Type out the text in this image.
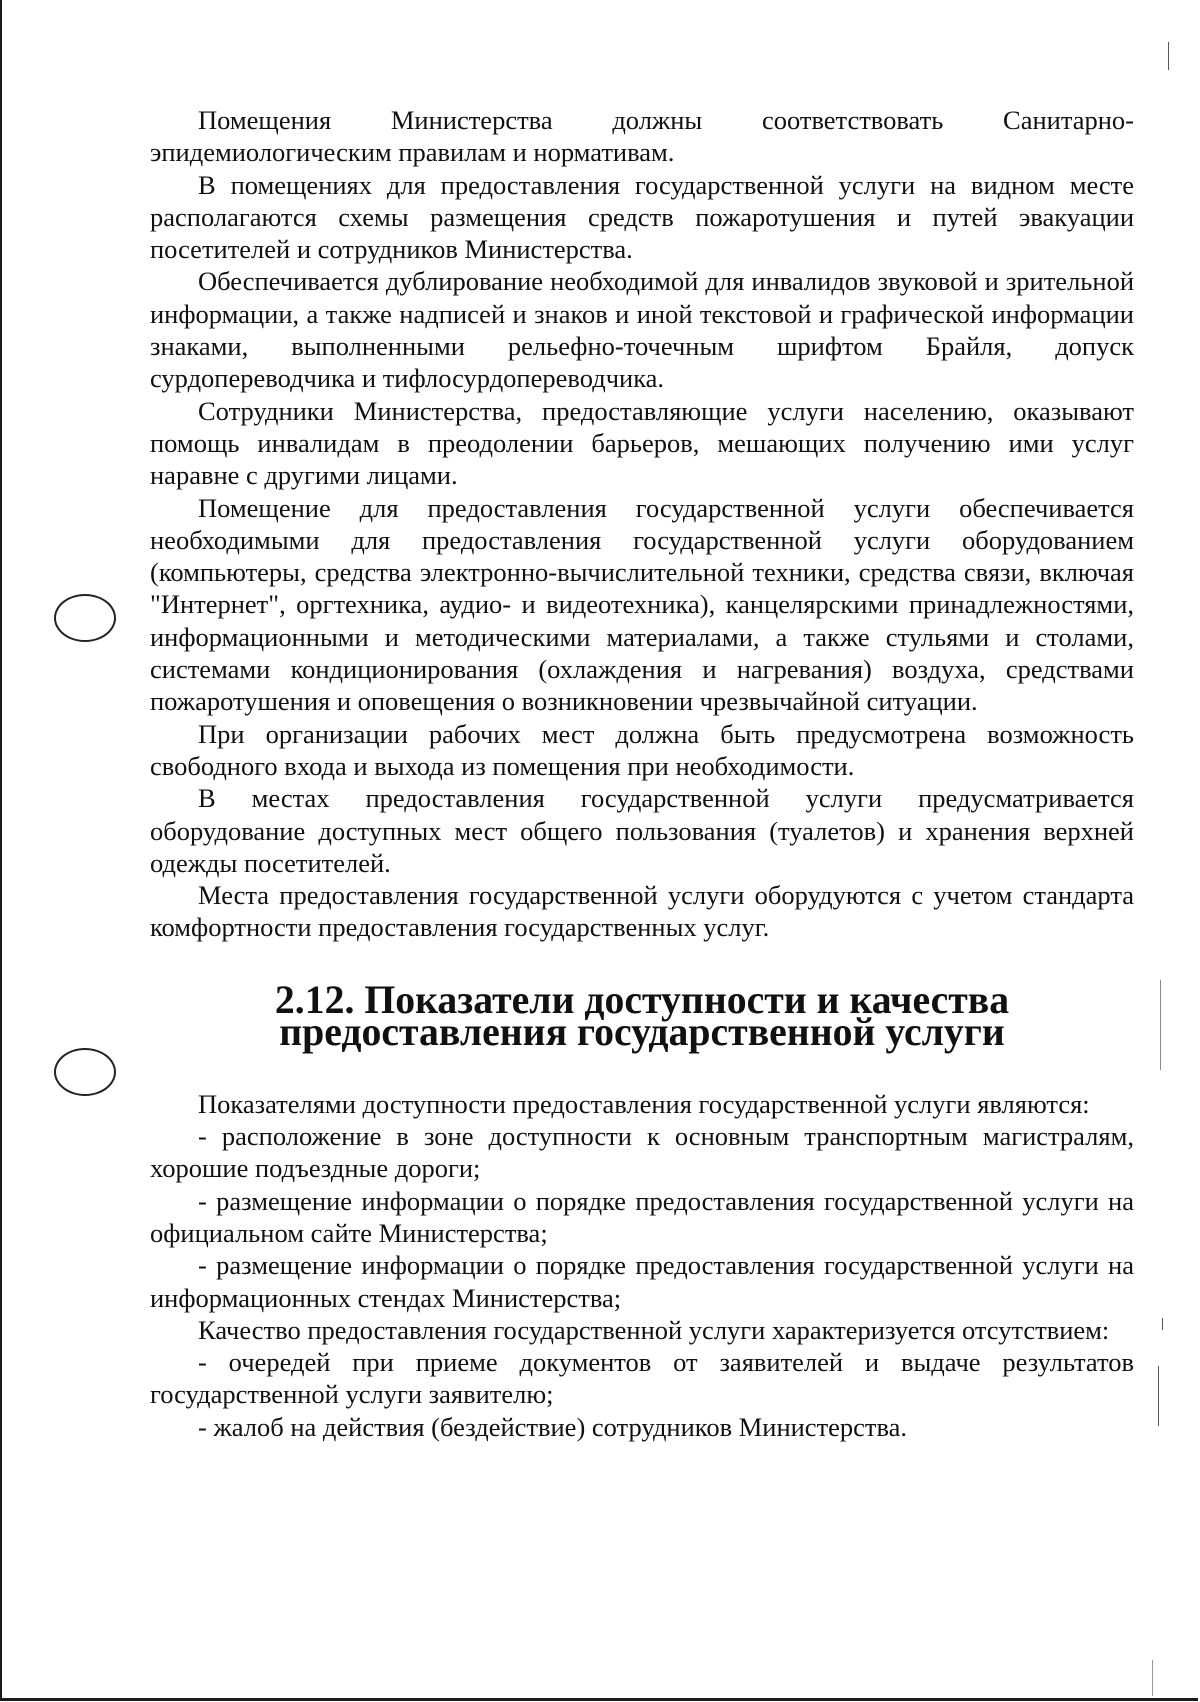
Помещения Министерства должны соответствовать Санитарно-эпидемиологическим правилам и нормативам.

В помещениях для предоставления государственной услуги на видном месте располагаются схемы размещения средств пожаротушения и путей эвакуации посетителей и сотрудников Министерства.

Обеспечивается дублирование необходимой для инвалидов звуковой и зрительной информации, а также надписей и знаков и иной текстовой и графической информации знаками, выполненными рельефно-точечным шрифтом Брайля, допуск сурдопереводчика и тифлосурдопереводчика.

Сотрудники Министерства, предоставляющие услуги населению, оказывают помощь инвалидам в преодолении барьеров, мешающих получению ими услуг наравне с другими лицами.

Помещение для предоставления государственной услуги обеспечивается необходимыми для предоставления государственной услуги оборудованием (компьютеры, средства электронно-вычислительной техники, средства связи, включая "Интернет", оргтехника, аудио- и видеотехника), канцелярскими принадлежностями, информационными и методическими материалами, а также стульями и столами, системами кондиционирования (охлаждения и нагревания) воздуха, средствами пожаротушения и оповещения о возникновении чрезвычайной ситуации.

При организации рабочих мест должна быть предусмотрена возможность свободного входа и выхода из помещения при необходимости.

В местах предоставления государственной услуги предусматривается оборудование доступных мест общего пользования (туалетов) и хранения верхней одежды посетителей.

Места предоставления государственной услуги оборудуются с учетом стандарта комфортности предоставления государственных услуг.

2.12. Показатели доступности и качества предоставления государственной услуги

Показателями доступности предоставления государственной услуги являются:

- расположение в зоне доступности к основным транспортным магистралям, хорошие подъездные дороги;

- размещение информации о порядке предоставления государственной услуги на официальном сайте Министерства;

- размещение информации о порядке предоставления государственной услуги на информационных стендах Министерства;

Качество предоставления государственной услуги характеризуется отсутствием:

- очередей при приеме документов от заявителей и выдаче результатов государственной услуги заявителю;

- жалоб на действия (бездействие) сотрудников Министерства.
